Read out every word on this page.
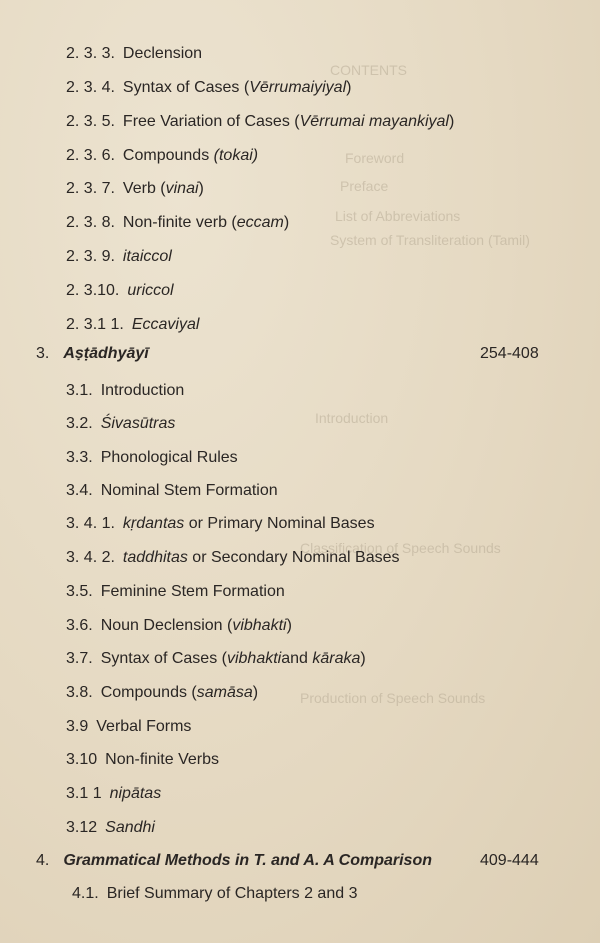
CONTENTS
Foreword
Preface
List of Abbreviations
System of Transliteration (Tamil)
Introduction
Classification of Speech Sounds
Production of Speech Sounds
2. 3. 3. Declension
2. 3. 4. Syntax of Cases (Vērrumaiyiyal)
2. 3. 5. Free Variation of Cases (Vērrumai mayankiyal)
2. 3. 6. Compounds (tokai)
2. 3. 7. Verb (vinai)
2. 3. 8. Non-finite verb (eccam)
2. 3. 9. itaiccol
2. 3.10. uriccol
2. 3.1 1. Eccaviyal
3. Aṣṭādhyāyī	254-408
3.1. Introduction
3.2. Śivasūtras
3.3. Phonological Rules
3.4. Nominal Stem Formation
3. 4. 1. kṛdantas or Primary Nominal Bases
3. 4. 2. taddhitas or Secondary Nominal Bases
3.5. Feminine Stem Formation
3.6. Noun Declension (vibhakti)
3.7. Syntax of Cases (vibhaktiand kāraka)
3.8. Compounds (samāsa)
3.9 Verbal Forms
3.10 Non-finite Verbs
3.1 1 nipātas
3.12 Sandhi
4. Grammatical Methods in T. and A. A Comparison	409-444
4.1. Brief Summary of Chapters 2 and 3
